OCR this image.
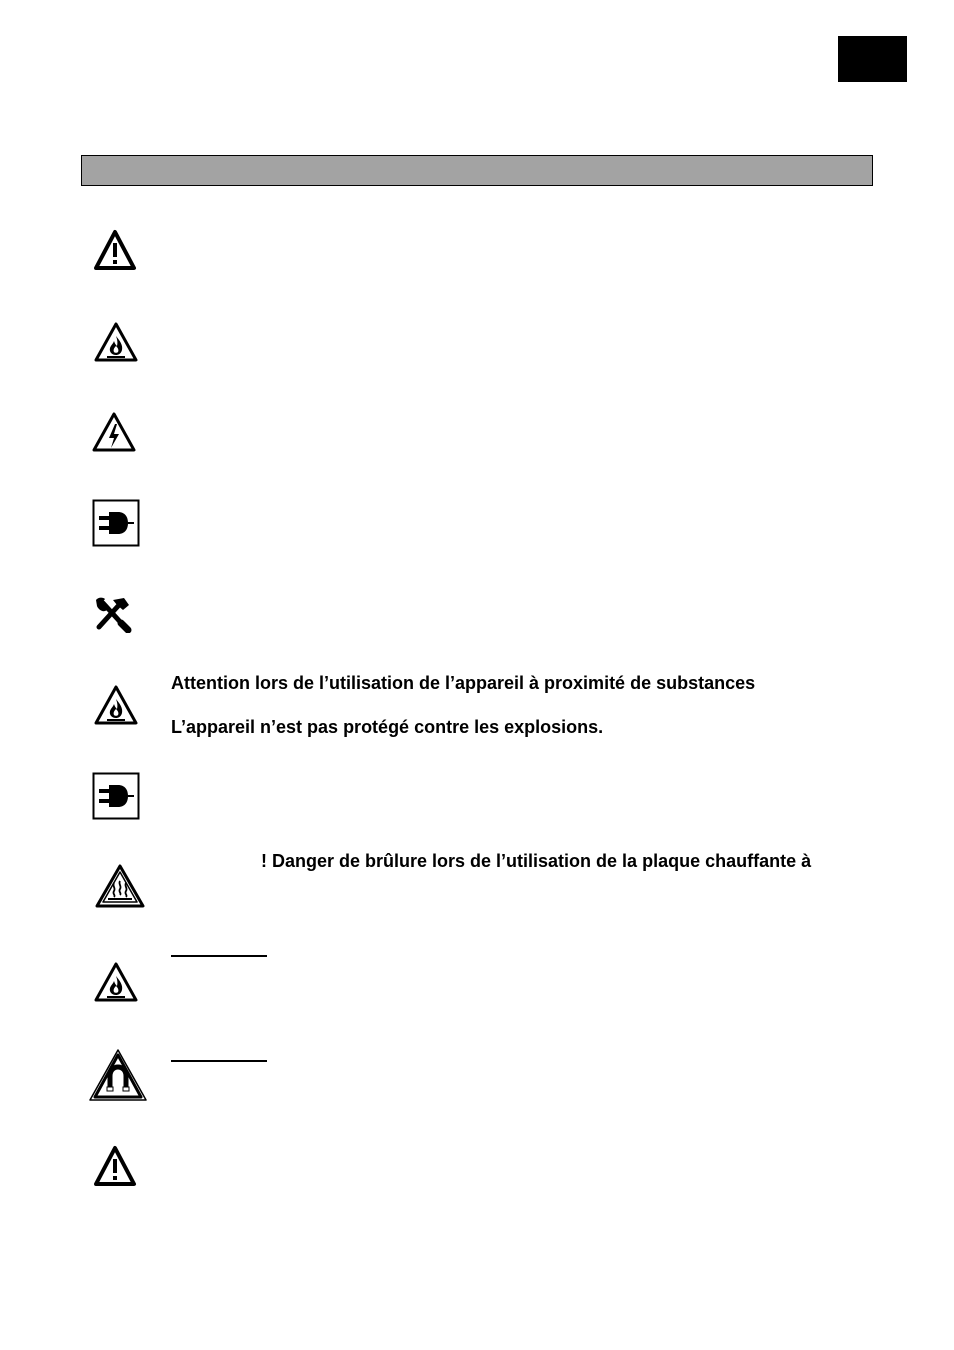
Attention lors de l’utilisation de l’appareil à proximité de substances
L’appareil n’est pas protégé contre les explosions.
! Danger de brûlure lors de l’utilisation de la plaque chauffante à
